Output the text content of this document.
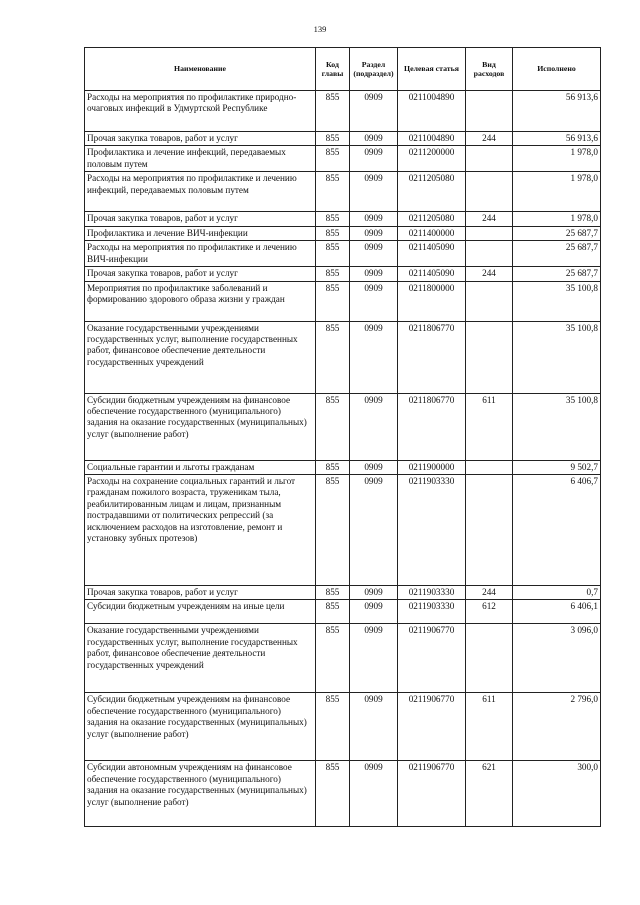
139
Наименование	Код главы	Раздел (подраздел)	Целевая статья	Вид расходов	Исполнено
Расходы на мероприятия по профилактике природно-очаговых инфекций в Удмуртской Республике	855	0909	0211004890		56 913,6
Прочая закупка товаров, работ и услуг	855	0909	0211004890	244	56 913,6
Профилактика и лечение инфекций, передаваемых половым путем	855	0909	0211200000		1 978,0
Расходы на мероприятия по профилактике и лечению инфекций, передаваемых половым путем	855	0909	0211205080		1 978,0
Прочая закупка товаров, работ и услуг	855	0909	0211205080	244	1 978,0
Профилактика и лечение ВИЧ-инфекции	855	0909	0211400000		25 687,7
Расходы на мероприятия по профилактике и лечению ВИЧ-инфекции	855	0909	0211405090		25 687,7
Прочая закупка товаров, работ и услуг	855	0909	0211405090	244	25 687,7
Мероприятия по профилактике заболеваний и формированию здорового образа жизни у граждан	855	0909	0211800000		35 100,8
Оказание государственными учреждениями государственных услуг, выполнение государственных работ, финансовое обеспечение деятельности государственных учреждений	855	0909	0211806770		35 100,8
Субсидии бюджетным учреждениям на финансовое обеспечение государственного (муниципального) задания на оказание государственных (муниципальных) услуг (выполнение работ)	855	0909	0211806770	611	35 100,8
Социальные гарантии и льготы гражданам	855	0909	0211900000		9 502,7
Расходы на сохранение социальных гарантий и льгот гражданам пожилого возраста, труженикам тыла, реабилитированным лицам и лицам, признанным пострадавшими от политических репрессий (за исключением расходов на изготовление, ремонт и установку зубных протезов)	855	0909	0211903330		6 406,7
Прочая закупка товаров, работ и услуг	855	0909	0211903330	244	0,7
Субсидии бюджетным учреждениям на иные цели	855	0909	0211903330	612	6 406,1
Оказание государственными учреждениями государственных услуг, выполнение государственных работ, финансовое обеспечение деятельности государственных учреждений	855	0909	0211906770		3 096,0
Субсидии бюджетным учреждениям на финансовое обеспечение государственного (муниципального) задания на оказание государственных (муниципальных) услуг (выполнение работ)	855	0909	0211906770	611	2 796,0
Субсидии автономным учреждениям на финансовое обеспечение государственного (муниципального) задания на оказание государственных (муниципальных) услуг (выполнение работ)	855	0909	0211906770	621	300,0
